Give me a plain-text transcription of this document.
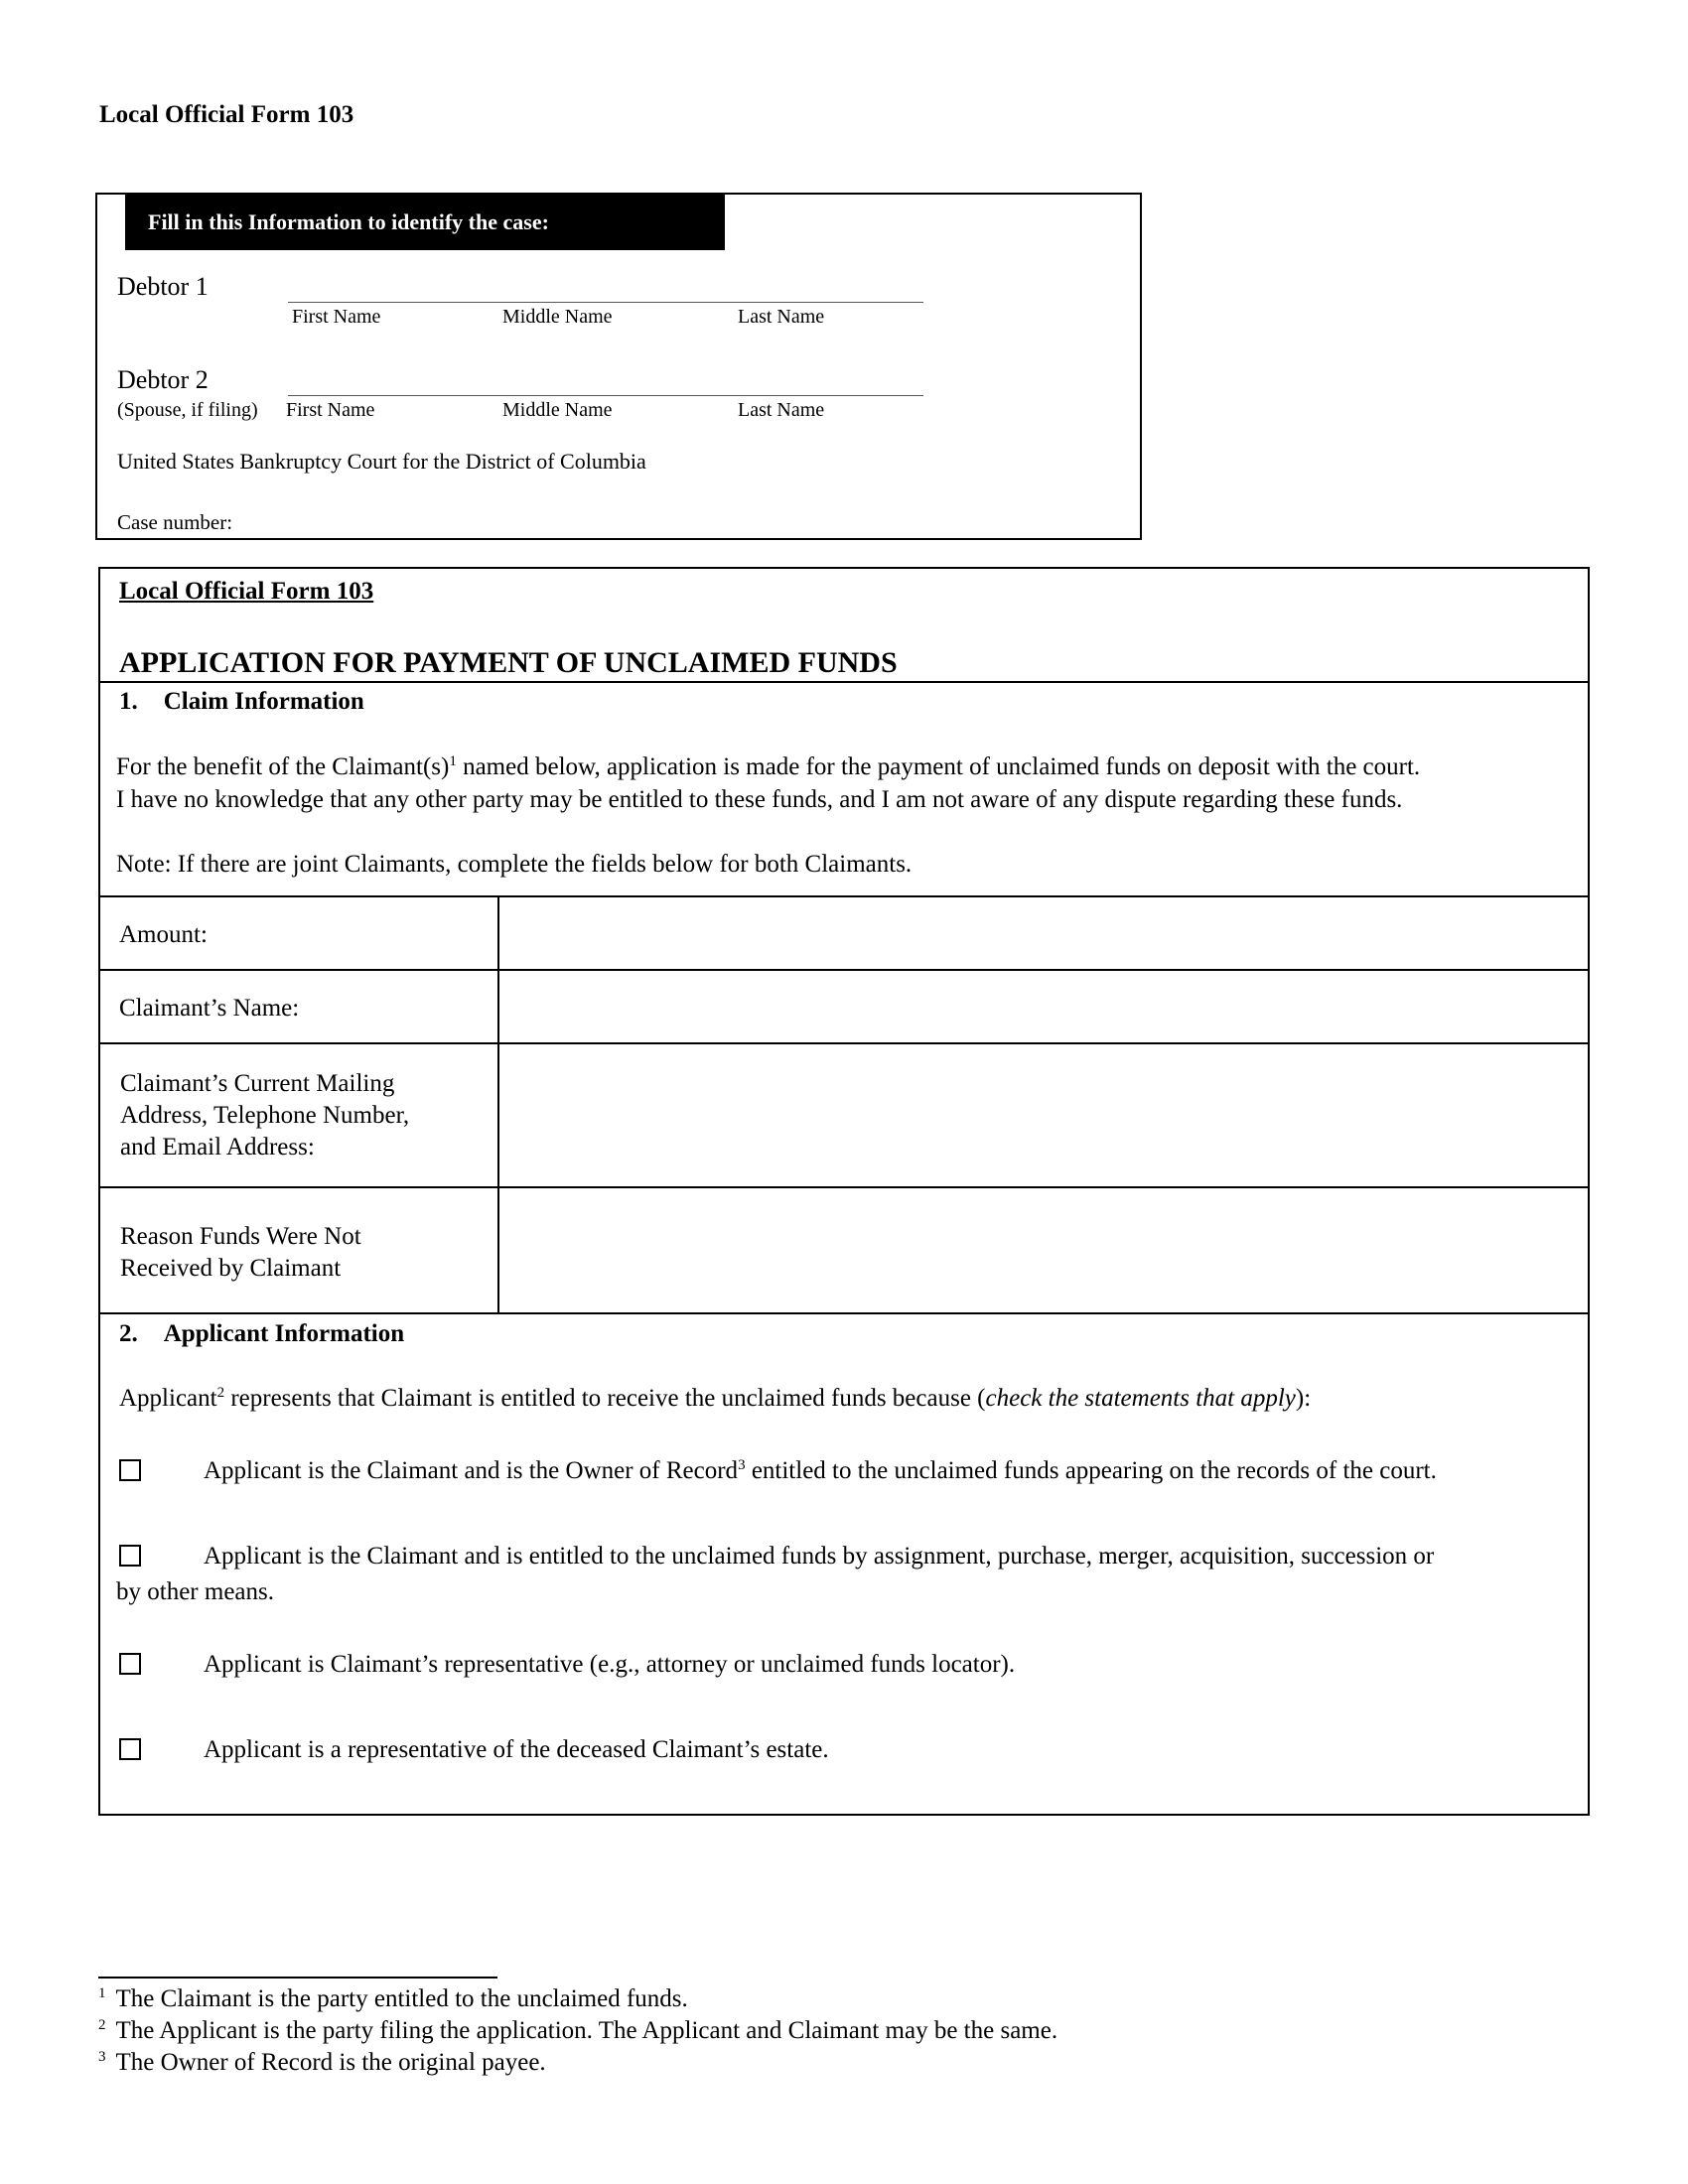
Local Official Form 103
Fill in this Information to identify the case:
Debtor 1
First Name	Middle Name	Last Name
Debtor 2
(Spouse, if filing) First Name	Middle Name	Last Name
United States Bankruptcy Court for the District of Columbia
Case number:
Local Official Form 103
APPLICATION FOR PAYMENT OF UNCLAIMED FUNDS
1. Claim Information
For the benefit of the $Claimant(s)^1$ named below, application is made for the payment of unclaimed funds on deposit with the court.
I have no knowledge that any other party may be entitled to these funds, and I am not aware of any dispute regarding these funds.
Note: If there are joint Claimants, complete the fields below for both Claimants.
Amount:
Claimant’s Name:
Claimant’s Current Mailing
Address, Telephone Number,
and Email Address:
Reason Funds Were Not
Received by Claimant
2. Applicant Information
Applicant$^2$ represents that Claimant is entitled to receive the unclaimed funds because (check the statements that apply):
Applicant is the Claimant and is the Owner of Record$^3$ entitled to the unclaimed funds appearing on the records of the court.
Applicant is the Claimant and is entitled to the unclaimed funds by assignment, purchase, merger, acquisition, succession or
by other means.
Applicant is Claimant’s representative (e.g., attorney or unclaimed funds locator).
Applicant is a representative of the deceased Claimant’s estate.
$^1$ The Claimant is the party entitled to the unclaimed funds.
$^2$ The Applicant is the party filing the application. The Applicant and Claimant may be the same.
$^3$ The Owner of Record is the original payee.
